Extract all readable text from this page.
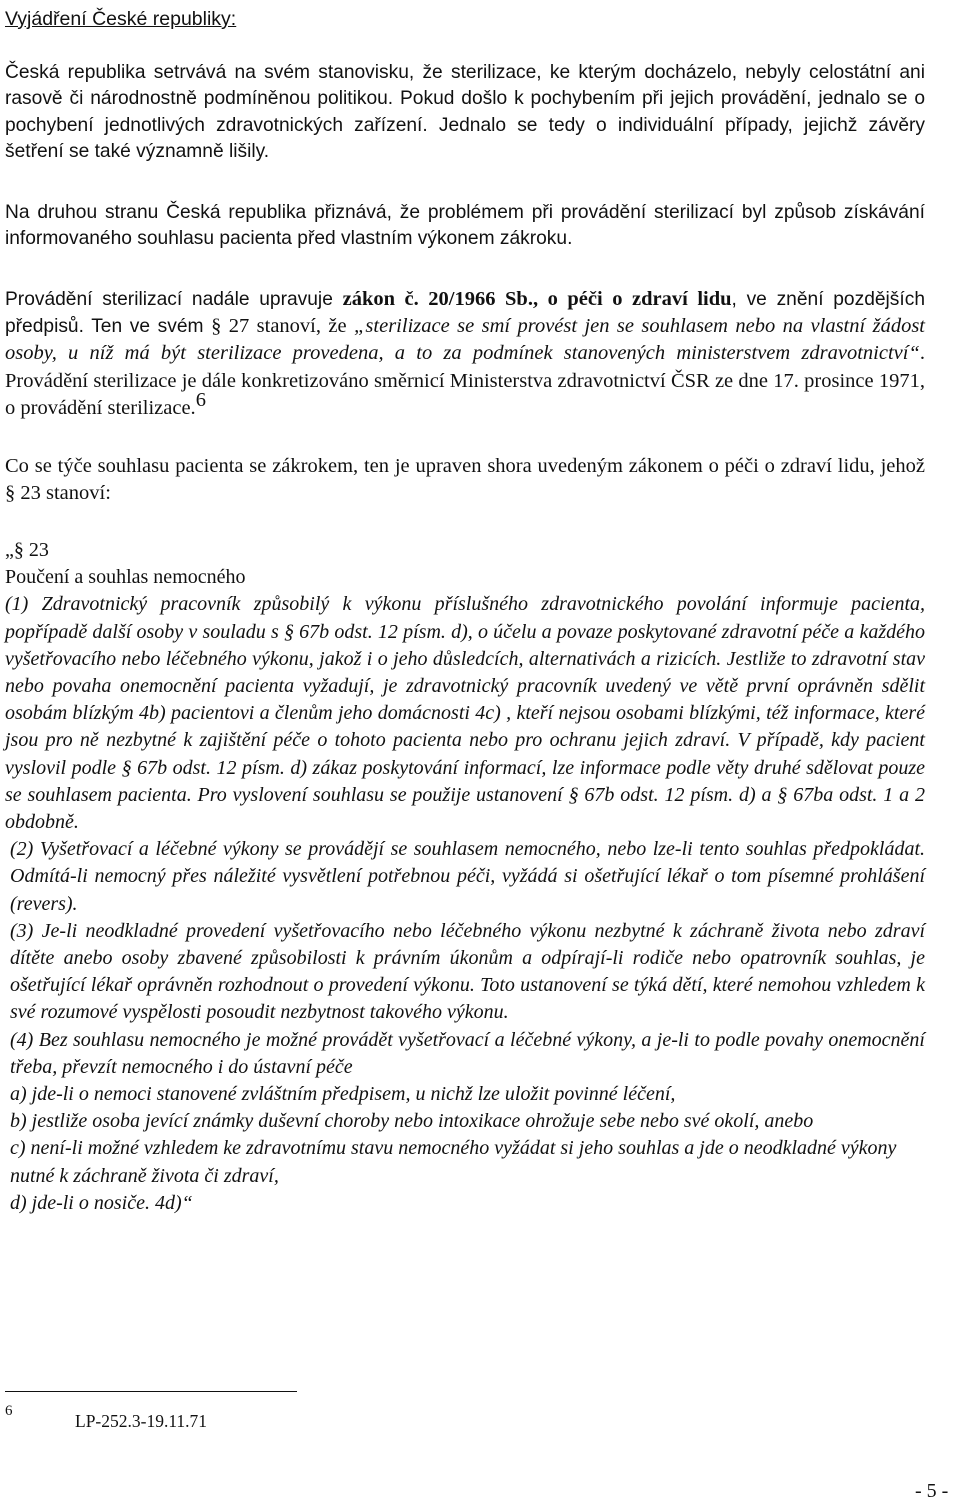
Vyjádření České republiky:

Česká republika setrvává na svém stanovisku, že sterilizace, ke kterým docházelo, nebyly celostátní ani rasově či národnostně podmíněnou politikou. Pokud došlo k pochybením při jejich provádění, jednalo se o pochybení jednotlivých zdravotnických zařízení. Jednalo se tedy o individuální případy, jejichž závěry šetření se také významně lišily.

Na druhou stranu Česká republika přiznává, že problémem při provádění sterilizací byl způsob získávání informovaného souhlasu pacienta před vlastním výkonem zákroku.

Provádění sterilizací nadále upravuje zákon č. 20/1966 Sb., o péči o zdraví lidu, ve znění pozdějších předpisů. Ten ve svém § 27 stanoví, že „sterilizace se smí provést jen se souhlasem nebo na vlastní žádost osoby, u níž má být sterilizace provedena, a to za podmínek stanovených ministerstvem zdravotnictví“. Provádění sterilizace je dále konkretizováno směrnicí Ministerstva zdravotnictví ČSR ze dne 17. prosince 1971, o provádění sterilizace.$^6$

Co se týče souhlasu pacienta se zákrokem, ten je upraven shora uvedeným zákonem o péči o zdraví lidu, jehož § 23 stanoví:

„§ 23

Poučení a souhlas nemocného

(1) Zdravotnický pracovník způsobilý k výkonu příslušného zdravotnického povolání informuje pacienta, popřípadě další osoby v souladu s § 67b odst. 12 písm. d), o účelu a povaze poskytované zdravotní péče a každého vyšetřovacího nebo léčebného výkonu, jakož i o jeho důsledcích, alternativách a rizicích. Jestliže to zdravotní stav nebo povaha onemocnění pacienta vyžadují, je zdravotnický pracovník uvedený ve větě první oprávněn sdělit osobám blízkým 4b) pacientovi a členům jeho domácnosti 4c) , kteří nejsou osobami blízkými, též informace, které jsou pro ně nezbytné k zajištění péče o tohoto pacienta nebo pro ochranu jejich zdraví. V případě, kdy pacient vyslovil podle § 67b odst. 12 písm. d) zákaz poskytování informací, lze informace podle věty druhé sdělovat pouze se souhlasem pacienta. Pro vyslovení souhlasu se použije ustanovení § 67b odst. 12 písm. d) a § 67ba odst. 1 a 2 obdobně.

(2) Vyšetřovací a léčebné výkony se provádějí se souhlasem nemocného, nebo lze-li tento souhlas předpokládat. Odmítá-li nemocný přes náležité vysvětlení potřebnou péči, vyžádá si ošetřující lékař o tom písemné prohlášení (revers).

(3) Je-li neodkladné provedení vyšetřovacího nebo léčebného výkonu nezbytné k záchraně života nebo zdraví dítěte anebo osoby zbavené způsobilosti k právním úkonům a odpírají-li rodiče nebo opatrovník souhlas, je ošetřující lékař oprávněn rozhodnout o provedení výkonu. Toto ustanovení se týká dětí, které nemohou vzhledem k své rozumové vyspělosti posoudit nezbytnost takového výkonu.

(4) Bez souhlasu nemocného je možné provádět vyšetřovací a léčebné výkony, a je-li to podle povahy onemocnění třeba, převzít nemocného i do ústavní péče

a) jde-li o nemoci stanovené zvláštním předpisem, u nichž lze uložit povinné léčení,

b) jestliže osoba jevící známky duševní choroby nebo intoxikace ohrožuje sebe nebo své okolí, anebo

c) není-li možné vzhledem ke zdravotnímu stavu nemocného vyžádat si jeho souhlas a jde o neodkladné výkony nutné k záchraně života či zdraví,

d) jde-li o nosiče. 4d)“

6	LP-252.3-19.11.71
- 5 -
